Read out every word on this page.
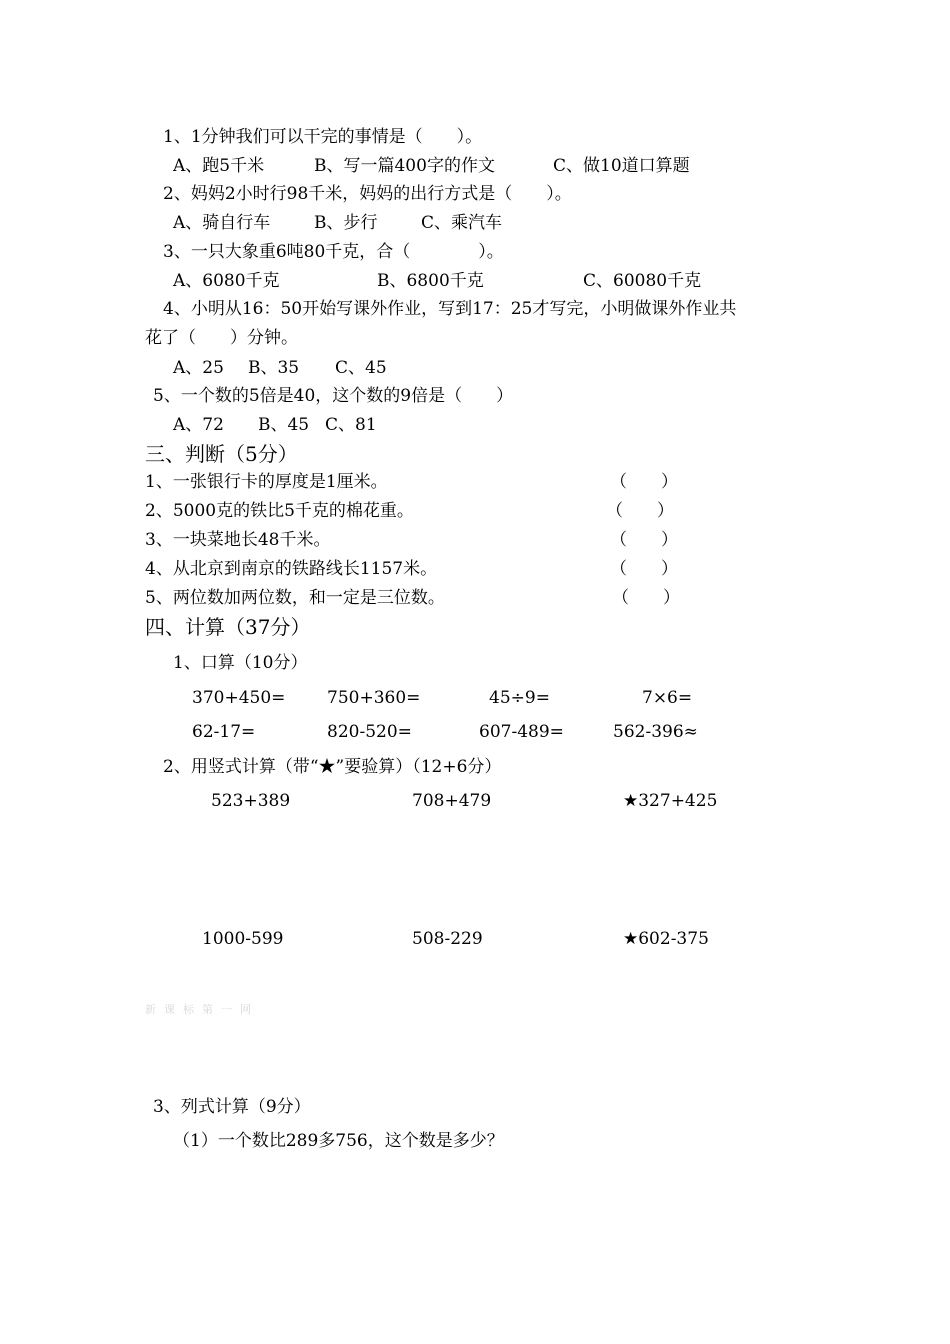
1、1分钟我们可以干完的事情是（　　）。
A、跑5千米	B、写一篇400字的作文	C、做10道口算题
2、妈妈2小时行98千米，妈妈的出行方式是（　　）。
A、骑自行车	B、步行	C、乘汽车
3、一只大象重6吨80千克，合（　　　　）。
A、6080千克	B、6800千克	C、60080千克
4、小明从16：50开始写课外作业，写到17：25才写完，小明做课外作业共
花了（　　）分钟。
A、25 B、35 C、45
5、一个数的5倍是40，这个数的9倍是（　　）
A、72 B、45 C、81
三、判断（5分）
1、一张银行卡的厚度是1厘米。	（　　）
2、5000克的铁比5千克的棉花重。	（　　）
3、一块菜地长48千米。	（　　）
4、从北京到南京的铁路线长1157米。	（　　）
5、两位数加两位数，和一定是三位数。	（　　）
四、计算（37分）
1、口算（10分）
370+450= 750+360=	45÷9=	7×6=
62-17=	820-520=	607-489=	562-396≈
2、用竖式计算（带“★”要验算）（12+6分）
523+389	708+479	★327+425
1000-599	508-229	★602-375
新课标第一网
3、列式计算（9分）
（1）一个数比289多756，这个数是多少？
